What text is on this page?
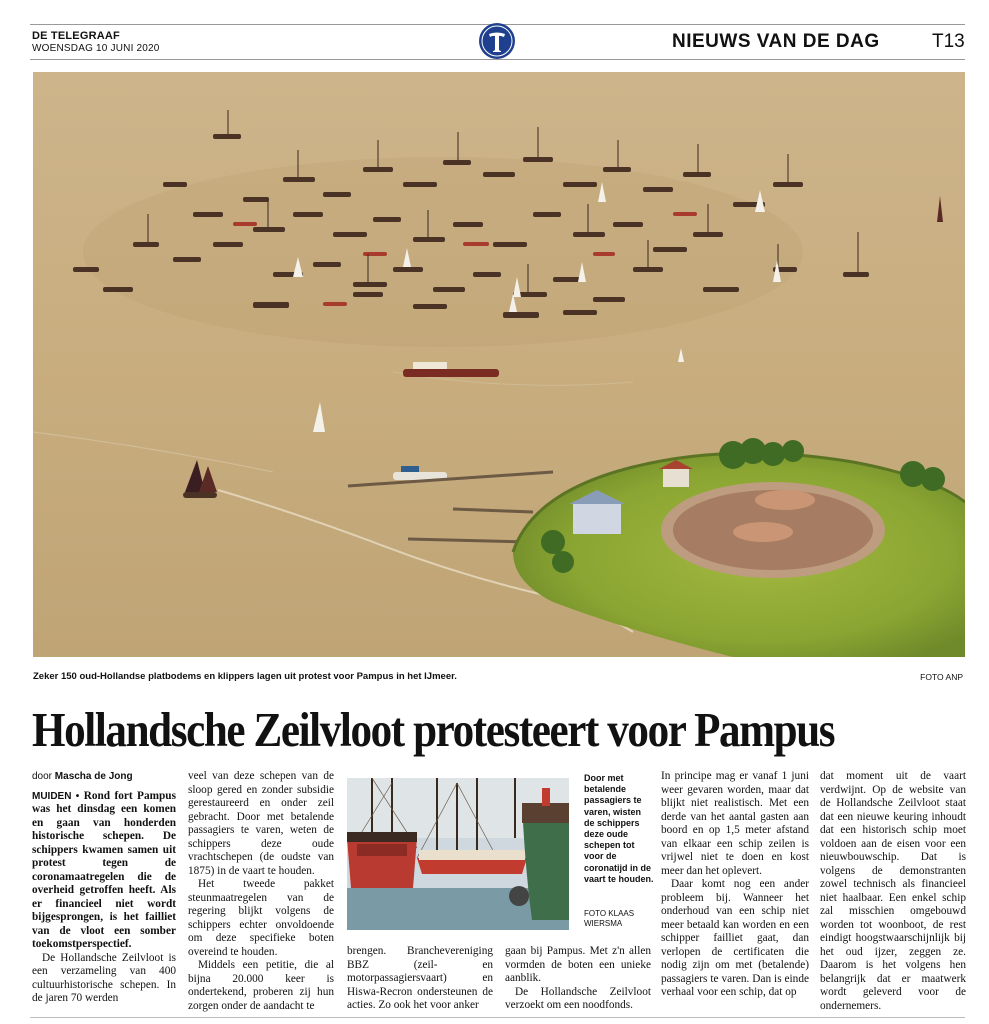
DE TELEGRAAF
WOENSDAG 10 JUNI 2020	NIEUWS VAN DE DAG	T13
Zeker 150 oud-Hollandse platbodems en klippers lagen uit protest voor Pampus in het IJmeer.	FOTO ANP
Hollandsche Zeilvloot protesteert voor Pampus
door Mascha de Jong
MUIDEN • Rond fort Pampus was het dinsdag een komen en gaan van honderden historische schepen. De schippers kwamen samen uit protest tegen de coronamaatregelen die de overheid getroffen heeft. Als er financieel niet wordt bijgesprongen, is het failliet van de vloot een somber toekomstperspectief.

De Hollandsche Zeilvloot is een verzameling van 400 cultuurhistorische schepen. In de jaren 70 werden

veel van deze schepen van de sloop gered en zonder subsidie gerestaureerd en onder zeil gebracht. Door met betalende passagiers te varen, weten de schippers deze oude vrachtschepen (de oudste van 1875) in de vaart te houden.

Het tweede pakket steunmaatregelen van de regering blijkt volgens de schippers echter onvoldoende om deze specifieke boten overeind te houden.

Middels een petitie, die al bijna 20.000 keer is ondertekend, proberen zij hun zorgen onder de aandacht te

Door met betalende passagiers te varen, wisten de schippers deze oude schepen tot voor de coronatijd in de vaart te houden.
FOTO KLAAS WIERSMA

brengen. Branchevereniging BBZ (zeil- en motorpassagiersvaart) en Hiswa-Recron ondersteunen de acties. Zo ook het voor anker

gaan bij Pampus. Met z'n allen vormden de boten een unieke aanblik.

De Hollandsche Zeilvloot verzoekt om een noodfonds.

In principe mag er vanaf 1 juni weer gevaren worden, maar dat blijkt niet realistisch. Met een derde van het aantal gasten aan boord en op 1,5 meter afstand van elkaar een schip zeilen is vrijwel niet te doen en kost meer dan het oplevert.

Daar komt nog een ander probleem bij. Wanneer het onderhoud van een schip niet meer betaald kan worden en een schipper failliet gaat, dan verlopen de certificaten die nodig zijn om met (betalende) passagiers te varen. Dan is einde verhaal voor een schip, dat op

dat moment uit de vaart verdwijnt. Op de website van de Hollandsche Zeilvloot staat dat een nieuwe keuring inhoudt dat een historisch schip moet voldoen aan de eisen voor een nieuwbouwschip. Dat is volgens de demonstranten zowel technisch als financieel niet haalbaar. Een enkel schip zal misschien omgebouwd worden tot woonboot, de rest eindigt hoogstwaarschijnlijk bij het oud ijzer, zeggen ze. Daarom is het volgens hen belangrijk dat er maatwerk wordt geleverd voor de ondernemers.
